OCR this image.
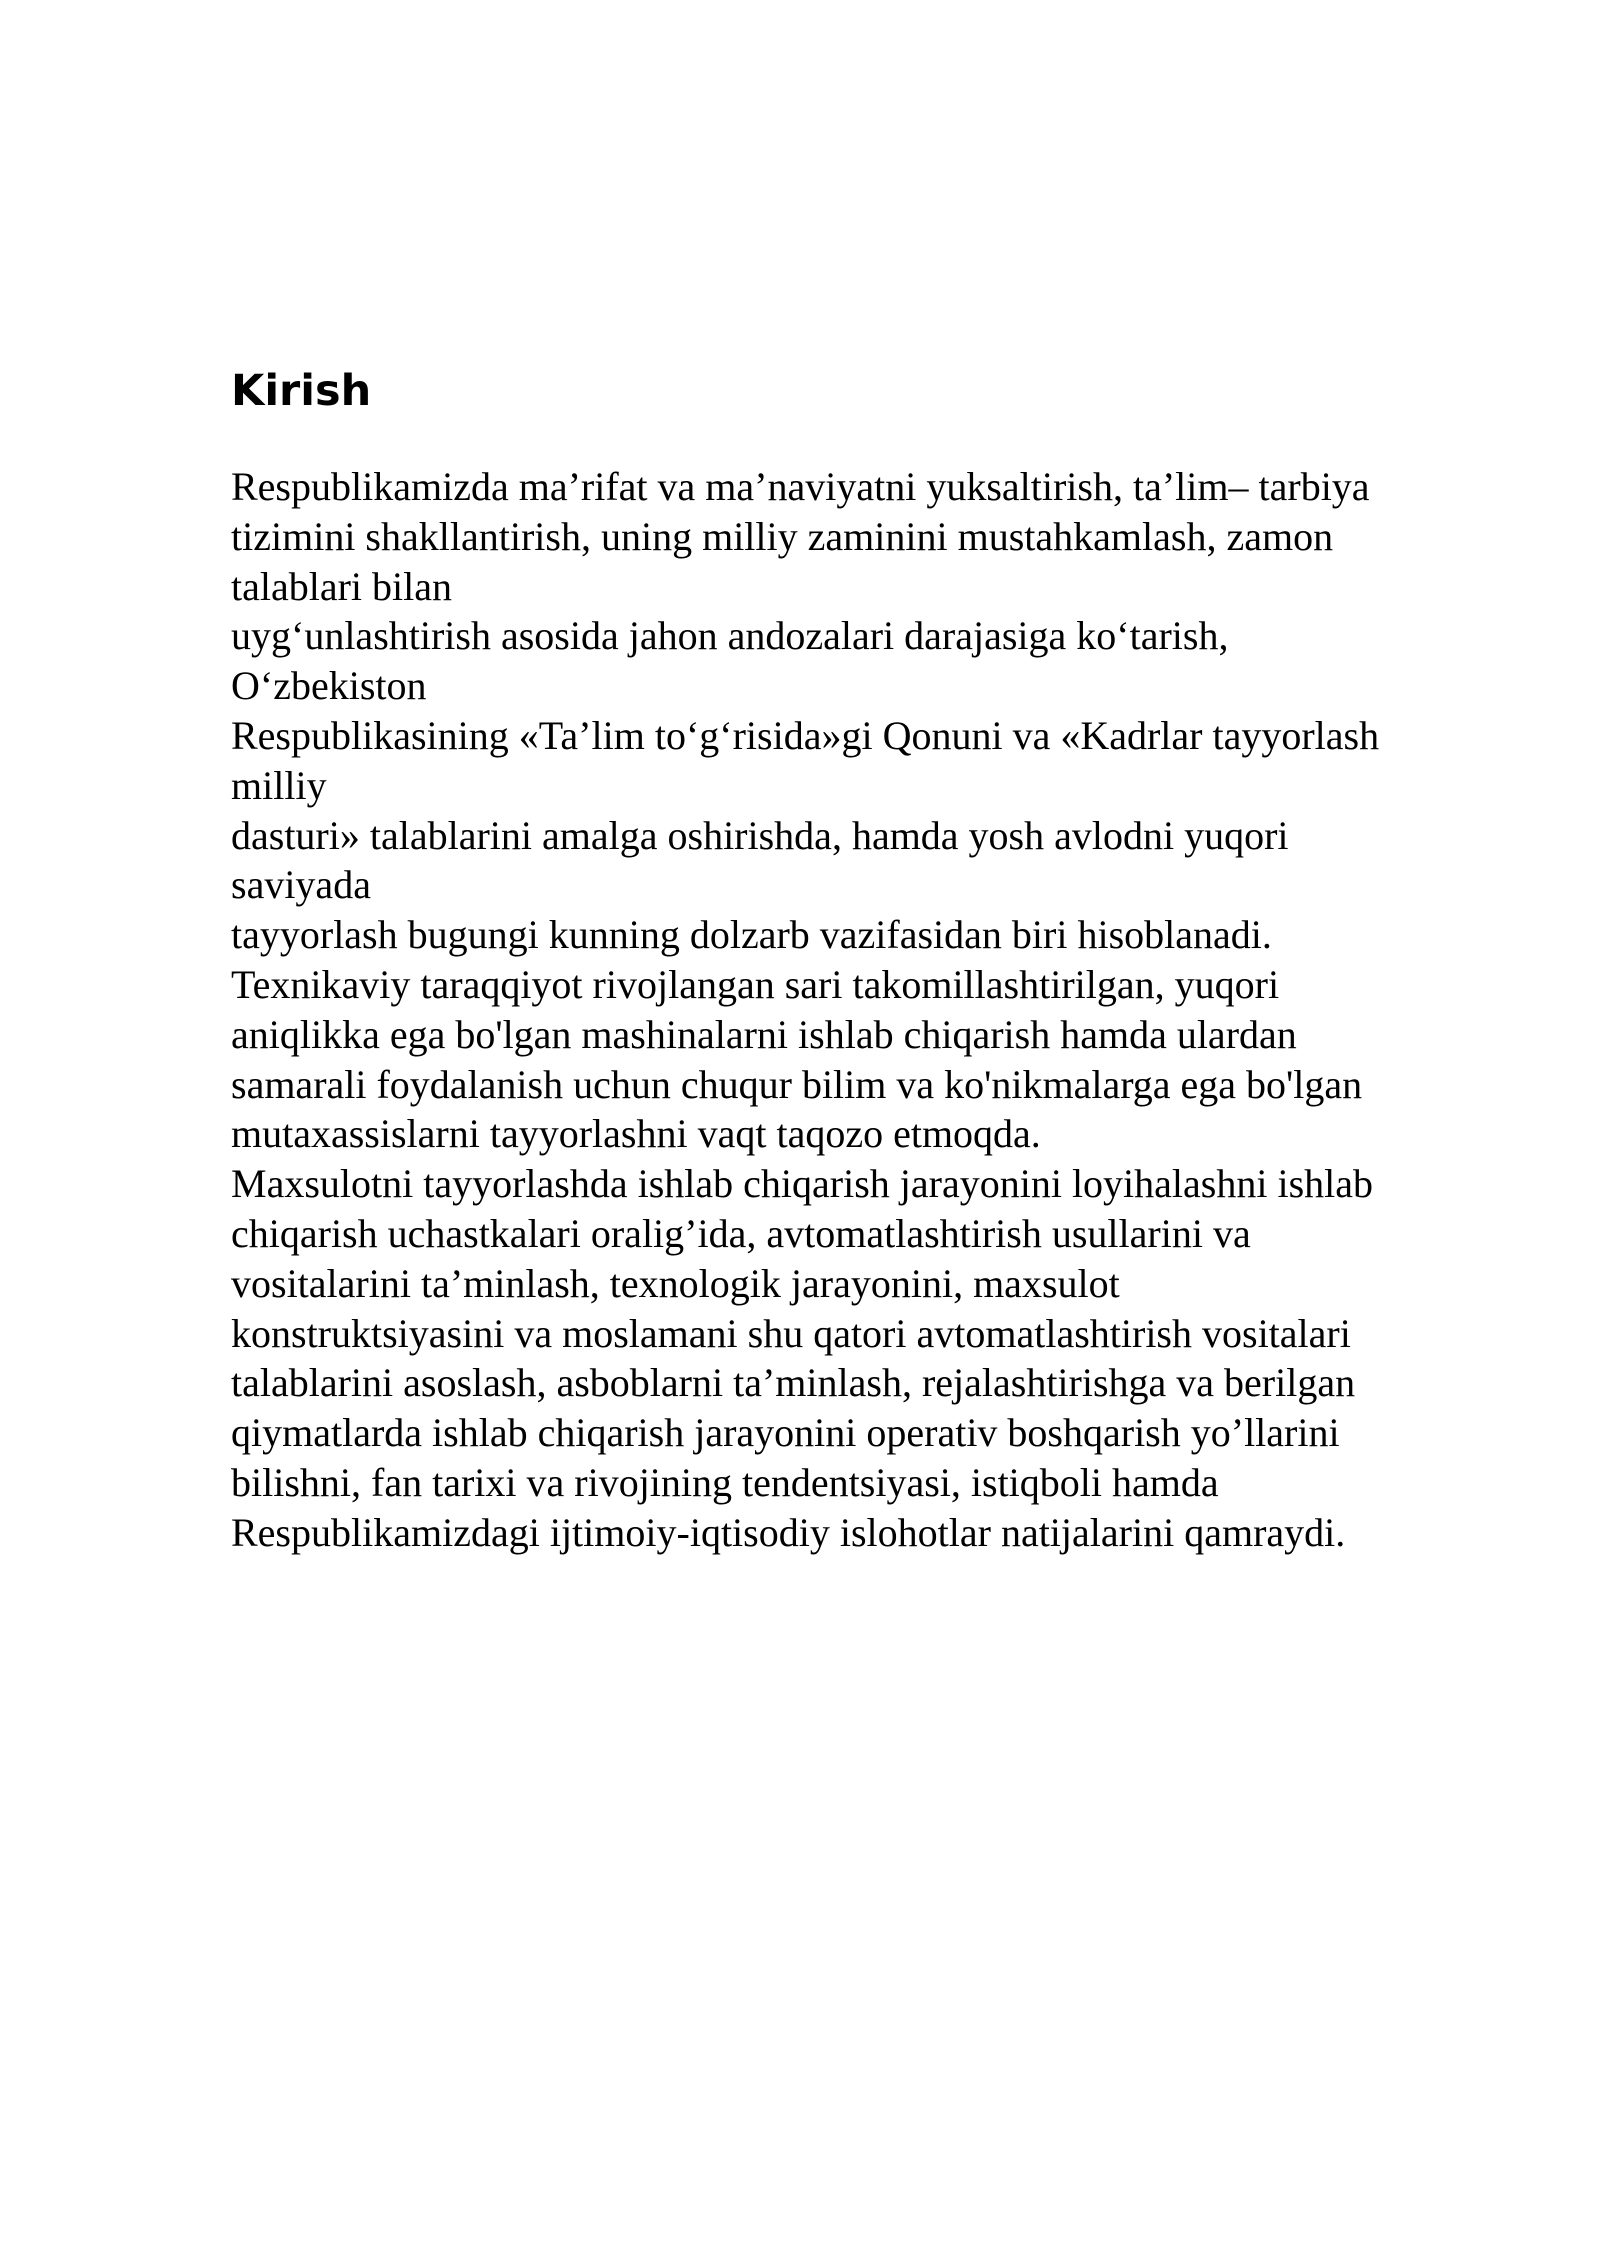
Kirish
Respublikamizda ma’rifat va ma’naviyatni yuksaltirish, ta’lim– tarbiya
tizimini shakllantirish, uning milliy zaminini mustahkamlash, zamon
talablari bilan
uyg‘unlashtirish asosida jahon andozalari darajasiga ko‘tarish,
O‘zbekiston
Respublikasining «Ta’lim to‘g‘risida»gi Qonuni va «Kadrlar tayyorlash
milliy
dasturi» talablarini amalga oshirishda, hamda yosh avlodni yuqori
saviyada
tayyorlash bugungi kunning dolzarb vazifasidan biri hisoblanadi.
Texnikaviy taraqqiyot rivojlangan sari takomillashtirilgan, yuqori
aniqlikka ega bo'lgan mashinalarni ishlab chiqarish hamda ulardan
samarali foydalanish uchun chuqur bilim va ko'nikmalarga ega bo'lgan
mutaxassislarni tayyorlashni vaqt taqozo etmoqda.
Maxsulotni tayyorlashda ishlab chiqarish jarayonini loyihalashni ishlab
chiqarish uchastkalari oralig’ida, avtomatlashtirish usullarini va
vositalarini ta’minlash, texnologik jarayonini, maxsulot
konstruktsiyasini va moslamani shu qatori avtomatlashtirish vositalari
talablarini asoslash, asboblarni ta’minlash, rejalashtirishga va berilgan
qiymatlarda ishlab chiqarish jarayonini operativ boshqarish yo’llarini
bilishni, fan tarixi va rivojining tendentsiyasi, istiqboli hamda
Respublikamizdagi ijtimoiy-iqtisodiy islohotlar natijalarini qamraydi.
